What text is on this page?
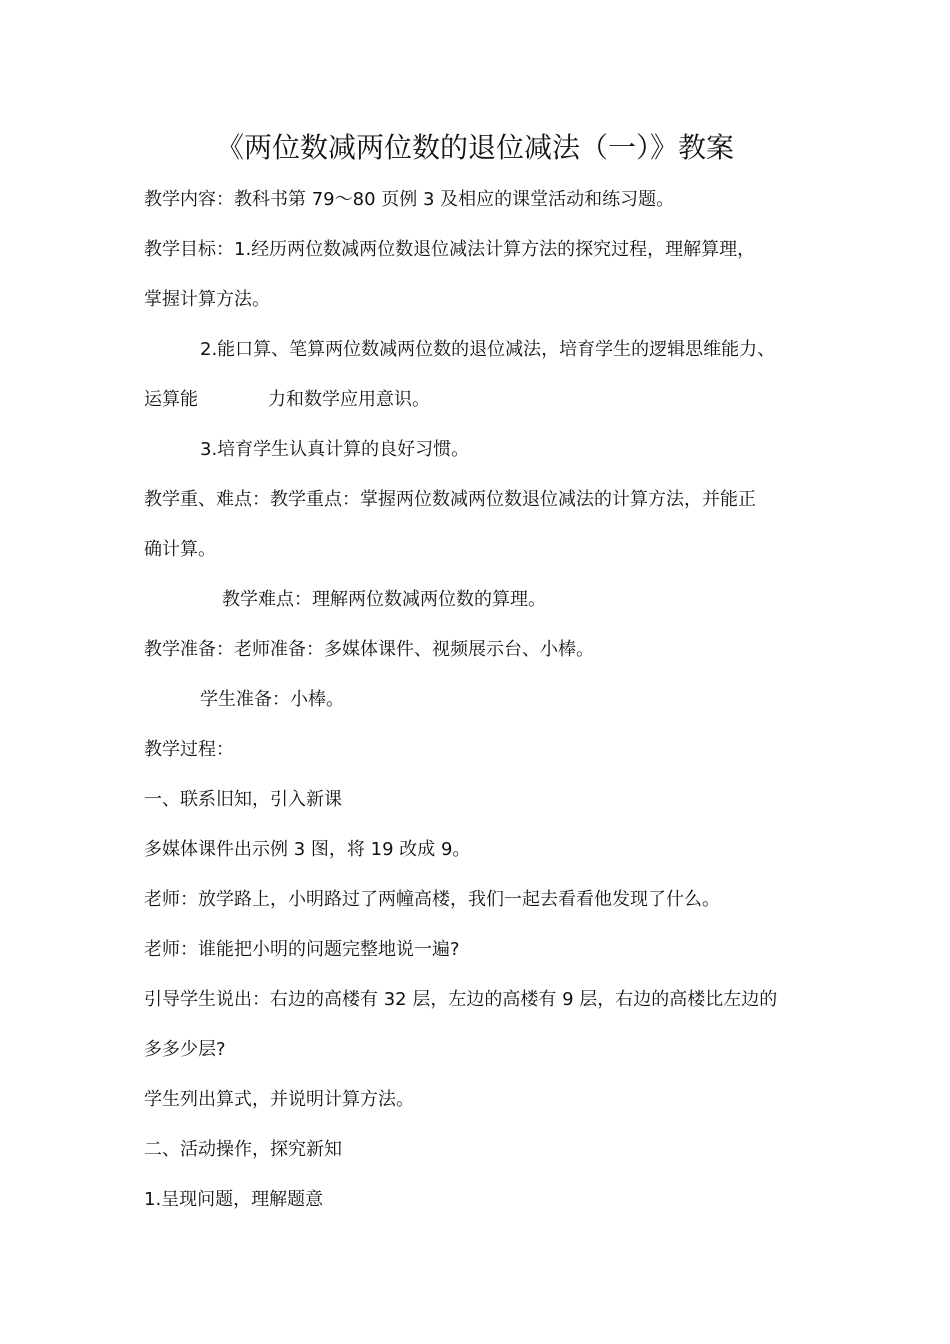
《两位数减两位数的退位减法（一）》教案
教学内容：教科书第 79～80 页例 3 及相应的课堂活动和练习题。
教学目标：1.经历两位数减两位数退位减法计算方法的探究过程，理解算理，
掌握计算方法。
2.能口算、笔算两位数减两位数的退位减法，培育学生的逻辑思维能力、
运算能	力和数学应用意识。
3.培育学生认真计算的良好习惯。
教学重、难点：教学重点：掌握两位数减两位数退位减法的计算方法，并能正
确计算。
教学难点：理解两位数减两位数的算理。
教学准备：老师准备：多媒体课件、视频展示台、小棒。
学生准备：小棒。
教学过程：
一、联系旧知，引入新课
多媒体课件出示例 3 图，将 19 改成 9。
老师：放学路上，小明路过了两幢高楼，我们一起去看看他发现了什么。
老师：谁能把小明的问题完整地说一遍?
引导学生说出：右边的高楼有 32 层，左边的高楼有 9 层，右边的高楼比左边的
多多少层?
学生列出算式，并说明计算方法。
二、活动操作，探究新知
1.呈现问题，理解题意
